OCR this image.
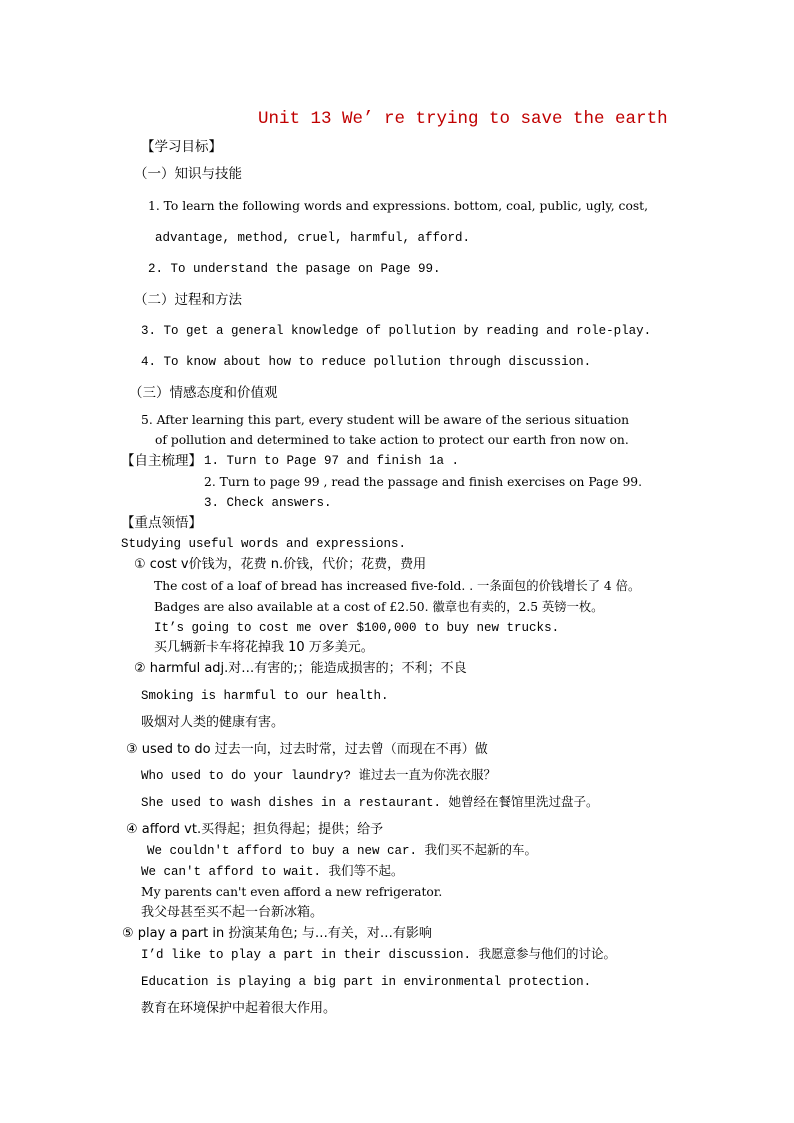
Unit 13 We’ re trying to save the earth
【学习目标】
（一）知识与技能
1. To learn the following words and expressions. bottom, coal, public, ugly, cost,
advantage, method, cruel, harmful, afford.
2. To understand the pasage on Page 99.
（二）过程和方法
3. To get a general knowledge of pollution by reading and role-play.
4. To know about how to reduce pollution through discussion.
（三）情感态度和价值观
5. After learning this part, every student will be aware of the serious situation
of pollution and determined to take action to protect our earth fron now on.
【自主梳理】 1. Turn to Page 97 and finish 1a .
2. Turn to page 99 , read the passage and finish exercises on Page 99.
3. Check answers.
【重点领悟】
Studying useful words and expressions.
① cost v价钱为，花费 n.价钱，代价；花费，费用
The cost of a loaf of bread has increased five-fold. . 一条面包的价钱增长了 4 倍。
Badges are also available at a cost of £2.50. 徽章也有卖的，2.5 英镑一枚。
It’s going to cost me over $100,000 to buy new trucks.
买几辆新卡车将花掉我 10 万多美元。
② harmful adj.对…有害的;；能造成损害的；不利；不良
Smoking is harmful to our health.
吸烟对人类的健康有害。
③ used to do 过去一向，过去时常，过去曾（而现在不再）做
Who used to do your laundry? 谁过去一直为你洗衣服？
She used to wash dishes in a restaurant. 她曾经在餐馆里洗过盘子。
④ afford vt.买得起；担负得起；提供；给予
We couldn't afford to buy a new car. 我们买不起新的车。
We can't afford to wait. 我们等不起。
My parents can't even afford a new refrigerator.
我父母甚至买不起一台新冰箱。
⑤ play a part in 扮演某角色; 与…有关，对…有影响
I’d like to play a part in their discussion. 我愿意参与他们的讨论。
Education is playing a big part in environmental protection.
教育在环境保护中起着很大作用。
